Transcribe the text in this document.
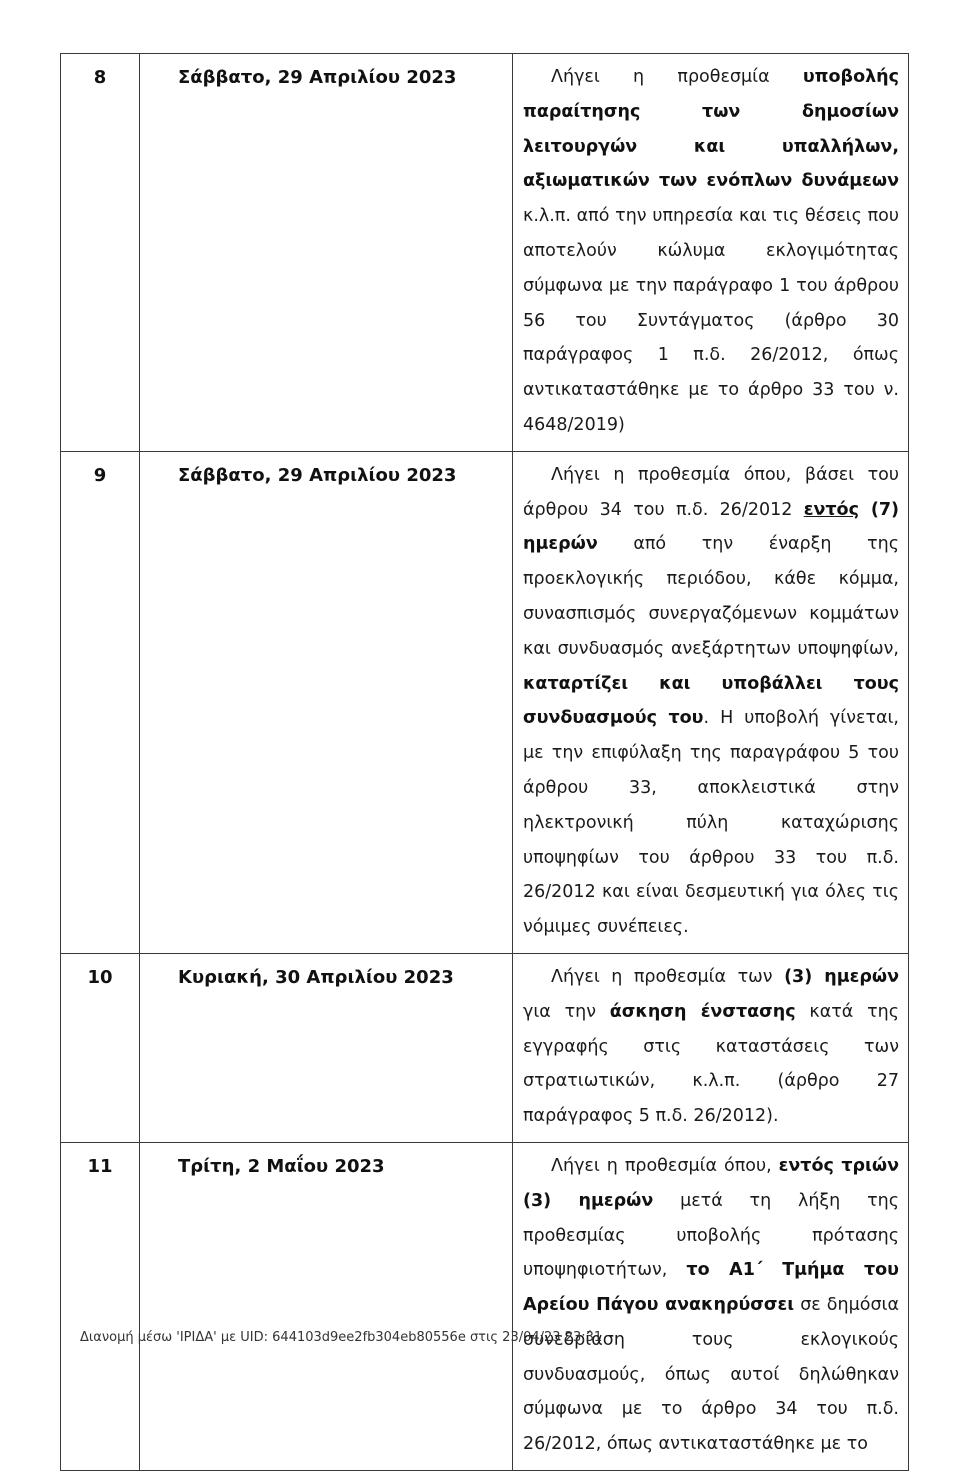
8	Σάββατο, 29 Απριλίου 2023	Λήγει η προθεσμία υποβολής παραίτησης των δημοσίων λειτουργών και υπαλλήλων, αξιωματικών των ενόπλων δυνάμεων κ.λ.π. από την υπηρεσία και τις θέσεις που αποτελούν κώλυμα εκλογιμότητας σύμφωνα με την παράγραφο 1 του άρθρου 56 του Συντάγματος (άρθρο 30 παράγραφος 1 π.δ. 26/2012, όπως αντικαταστάθηκε με το άρθρο 33 του ν. 4648/2019)

9	Σάββατο, 29 Απριλίου 2023	Λήγει η προθεσμία όπου, βάσει του άρθρου 34 του π.δ. 26/2012 εντός (7) ημερών από την έναρξη της προεκλογικής περιόδου, κάθε κόμμα, συνασπισμός συνεργαζόμενων κομμάτων και συνδυασμός ανεξάρτητων υποψηφίων, καταρτίζει και υποβάλλει τους συνδυασμούς του. Η υποβολή γίνεται, με την επιφύλαξη της παραγράφου 5 του άρθρου 33, αποκλειστικά στην ηλεκτρονική πύλη καταχώρισης υποψηφίων του άρθρου 33 του π.δ. 26/2012 και είναι δεσμευτική για όλες τις νόμιμες συνέπειες.

10	Κυριακή, 30 Απριλίου 2023	Λήγει η προθεσμία των (3) ημερών για την άσκηση ένστασης κατά της εγγραφής στις καταστάσεις των στρατιωτικών, κ.λ.π. (άρθρο 27 παράγραφος 5 π.δ. 26/2012).

11	Τρίτη, 2 Μαΐου 2023	Λήγει η προθεσμία όπου, εντός τριών (3) ημερών μετά τη λήξη της προθεσμίας υποβολής πρότασης υποψηφιοτήτων, το Α1΄ Τμήμα του Αρείου Πάγου ανακηρύσσει σε δημόσια συνεδρίαση τους εκλογικούς συνδυασμούς, όπως αυτοί δηλώθηκαν σύμφωνα με το άρθρο 34 του π.δ. 26/2012, όπως αντικαταστάθηκε με το
Διανομή μέσω 'ΙΡΙΔΑ' με UID: 644103d9ee2fb304eb80556e στις 23/04/23 23:31
